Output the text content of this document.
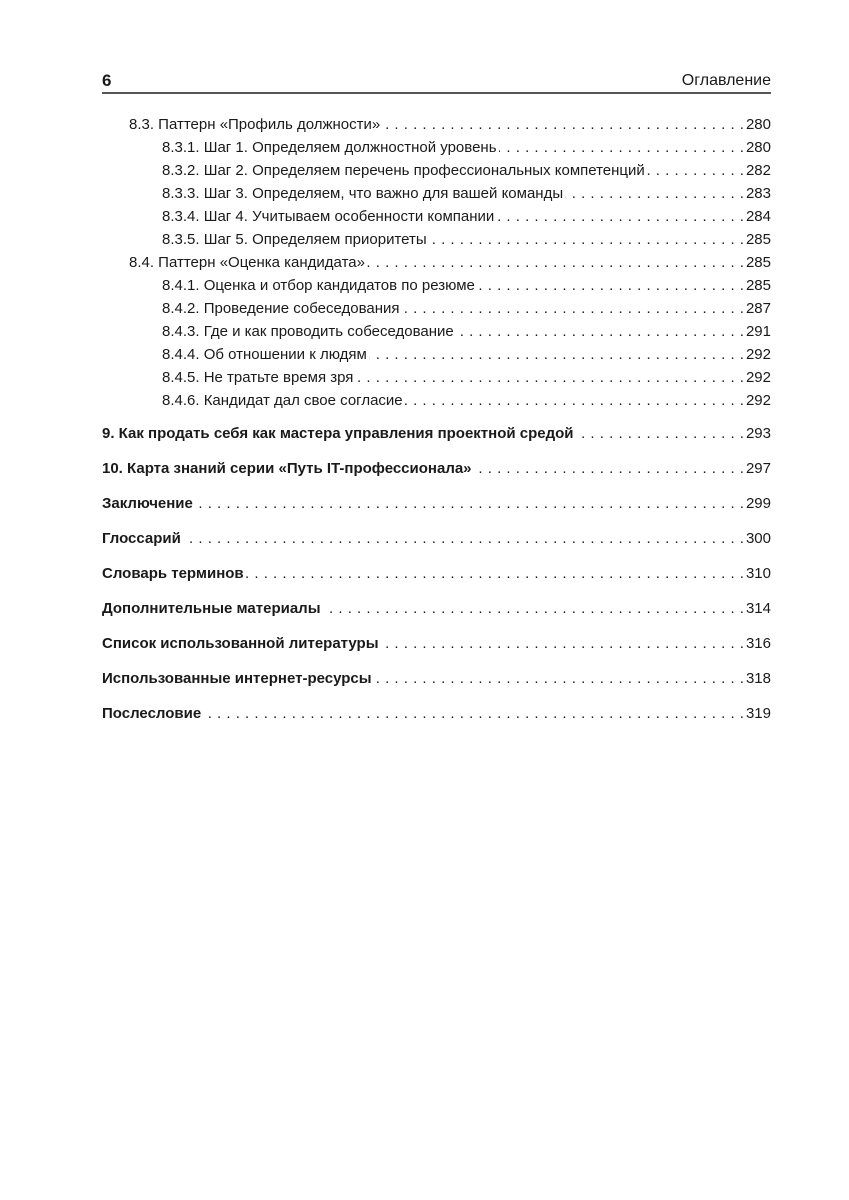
6	Оглавление
8.3. Паттерн «Профиль должности» . . .	280
8.3.1. Шаг 1. Определяем должностной уровень . . .	280
8.3.2. Шаг 2. Определяем перечень профессиональных компетенций . . .	282
8.3.3. Шаг 3. Определяем, что важно для вашей команды . . .	283
8.3.4. Шаг 4. Учитываем особенности компании . . .	284
8.3.5. Шаг 5. Определяем приоритеты . . .	285
8.4. Паттерн «Оценка кандидата» . . .	285
8.4.1. Оценка и отбор кандидатов по резюме . . .	285
8.4.2. Проведение собеседования . . .	287
8.4.3. Где и как проводить собеседование . . .	291
8.4.4. Об отношении к людям . . .	292
8.4.5. Не тратьте время зря . . .	292
8.4.6. Кандидат дал свое согласие . . .	292
9. Как продать себя как мастера управления проектной средой . . .	293
10. Карта знаний серии «Путь IT-профессионала» . . .	297
Заключение . . .	299
Глоссарий . . .	300
Словарь терминов . . .	310
Дополнительные материалы . . .	314
Список использованной литературы . . .	316
Использованные интернет-ресурсы . . .	318
Послесловие . . .	319
